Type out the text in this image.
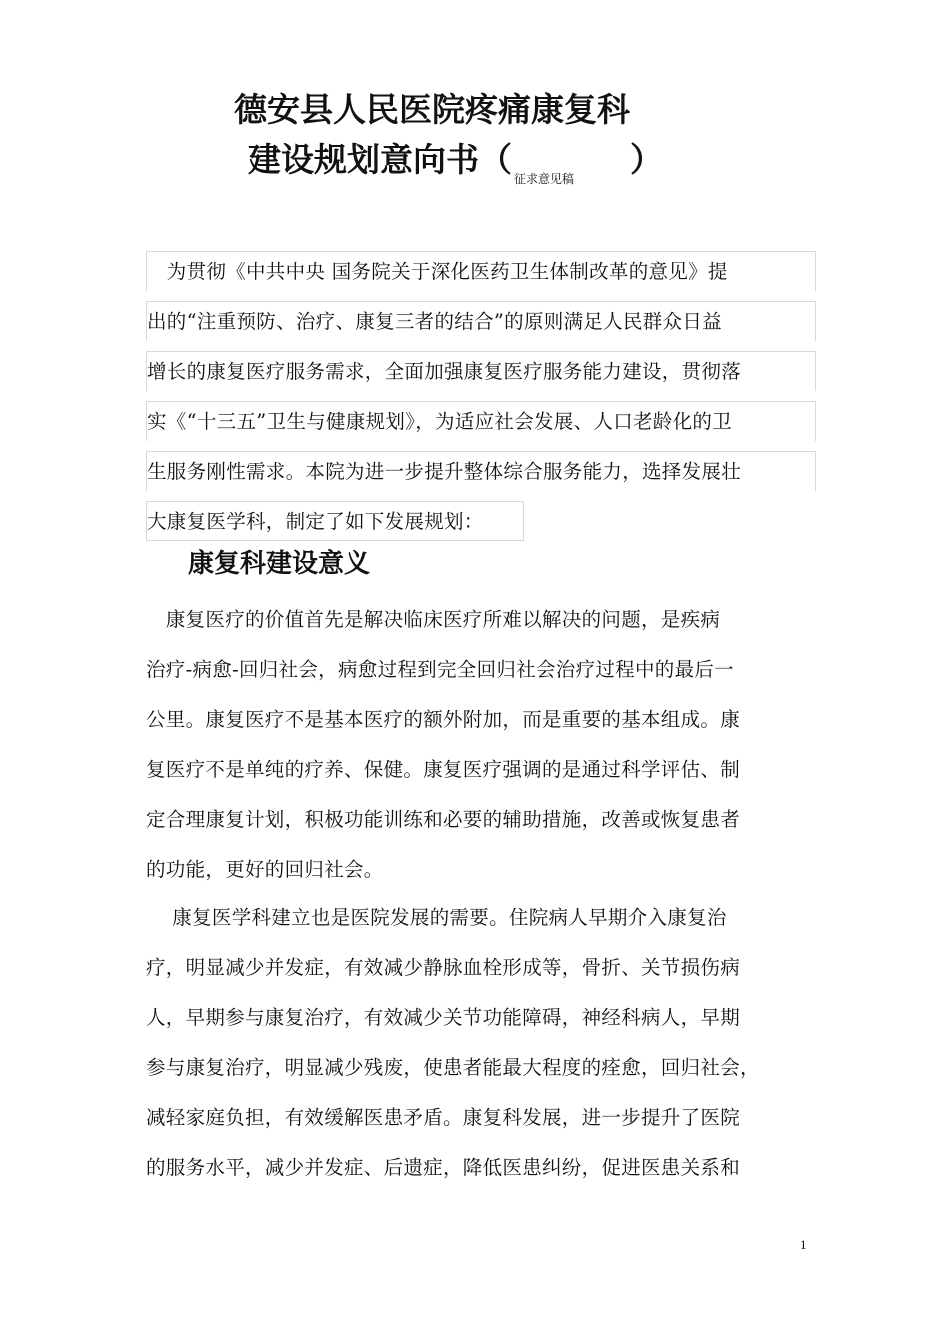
德安县人民医院疼痛康复科
建设规划意向书（ $_{征求意见稿}$ ）
　为贯彻《中共中央 国务院关于深化医药卫生体制改革的意见》提
出的“注重预防、治疗、康复三者的结合”的原则满足人民群众日益
增长的康复医疗服务需求，全面加强康复医疗服务能力建设，贯彻落
实《“十三五”卫生与健康规划》，为适应社会发展、人口老龄化的卫
生服务刚性需求。本院为进一步提升整体综合服务能力，选择发展壮
大康复医学科，制定了如下发展规划：
康复科建设意义
　康复医疗的价值首先是解决临床医疗所难以解决的问题，是疾病
治疗-病愈-回归社会，病愈过程到完全回归社会治疗过程中的最后一
公里。康复医疗不是基本医疗的额外附加，而是重要的基本组成。康
复医疗不是单纯的疗养、保健。康复医疗强调的是通过科学评估、制
定合理康复计划，积极功能训练和必要的辅助措施，改善或恢复患者
的功能，更好的回归社会。
　 康复医学科建立也是医院发展的需要。住院病人早期介入康复治
疗，明显减少并发症，有效减少静脉血栓形成等，骨折、关节损伤病
人，早期参与康复治疗，有效减少关节功能障碍，神经科病人，早期
参与康复治疗，明显减少残废，使患者能最大程度的痊愈，回归社会，
减轻家庭负担，有效缓解医患矛盾。康复科发展，进一步提升了医院
的服务水平，减少并发症、后遗症，降低医患纠纷，促进医患关系和
1
